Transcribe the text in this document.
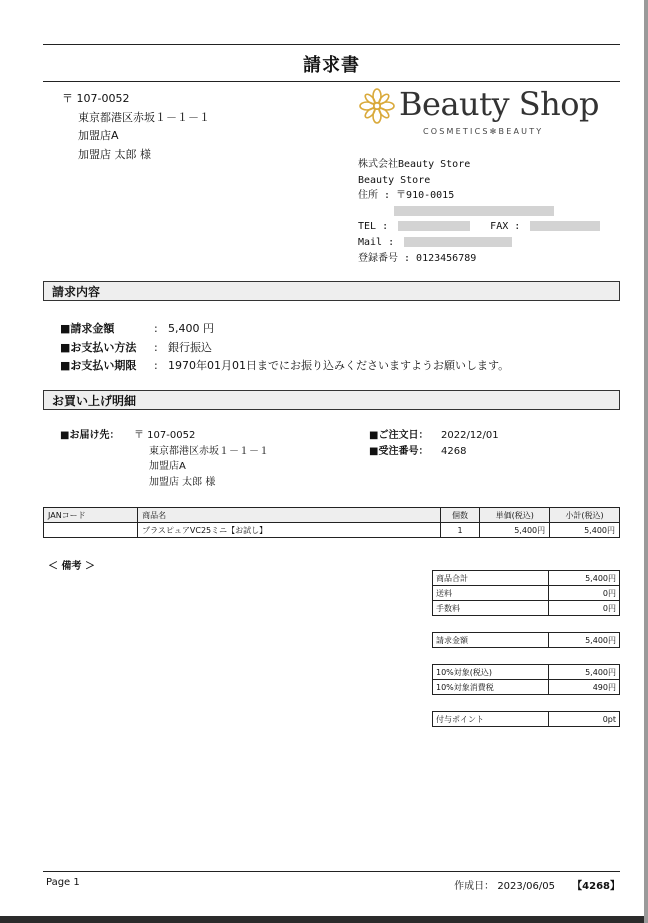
請求書
〒 107-0052
東京都港区赤坂１－１－１
加盟店A
加盟店 太郎 様
Beauty Shop
COSMETICS✻BEAUTY
株式会社Beauty Store
Beauty Store
住所 : 〒910-0015
TEL :	FAX :
Mail :
登録番号 : 0123456789
請求内容
■請求金額	: 5,400 円
■お支払い方法 : 銀行振込
■お支払い期限 : 1970年01月01日までにお振り込みくださいますようお願いします。
お買い上げ明細
■お届け先： 〒 107-0052
東京都港区赤坂１－１－１
加盟店A
加盟店 太郎 様
■ご注文日： 2022/12/01
■受注番号： 4268
JANコード	商品名	個数	単価(税込)	小計(税込)
	プラスピュアVC25ミニ【お試し】	1	5,400円	5,400円
＜ 備考 ＞
商品合計	5,400円
送料	0円
手数料	0円
請求金額	5,400円
10%対象(税込)	5,400円
10%対象消費税	490円
付与ポイント	0pt
Page 1	作成日： 2023/06/05 【4268】
